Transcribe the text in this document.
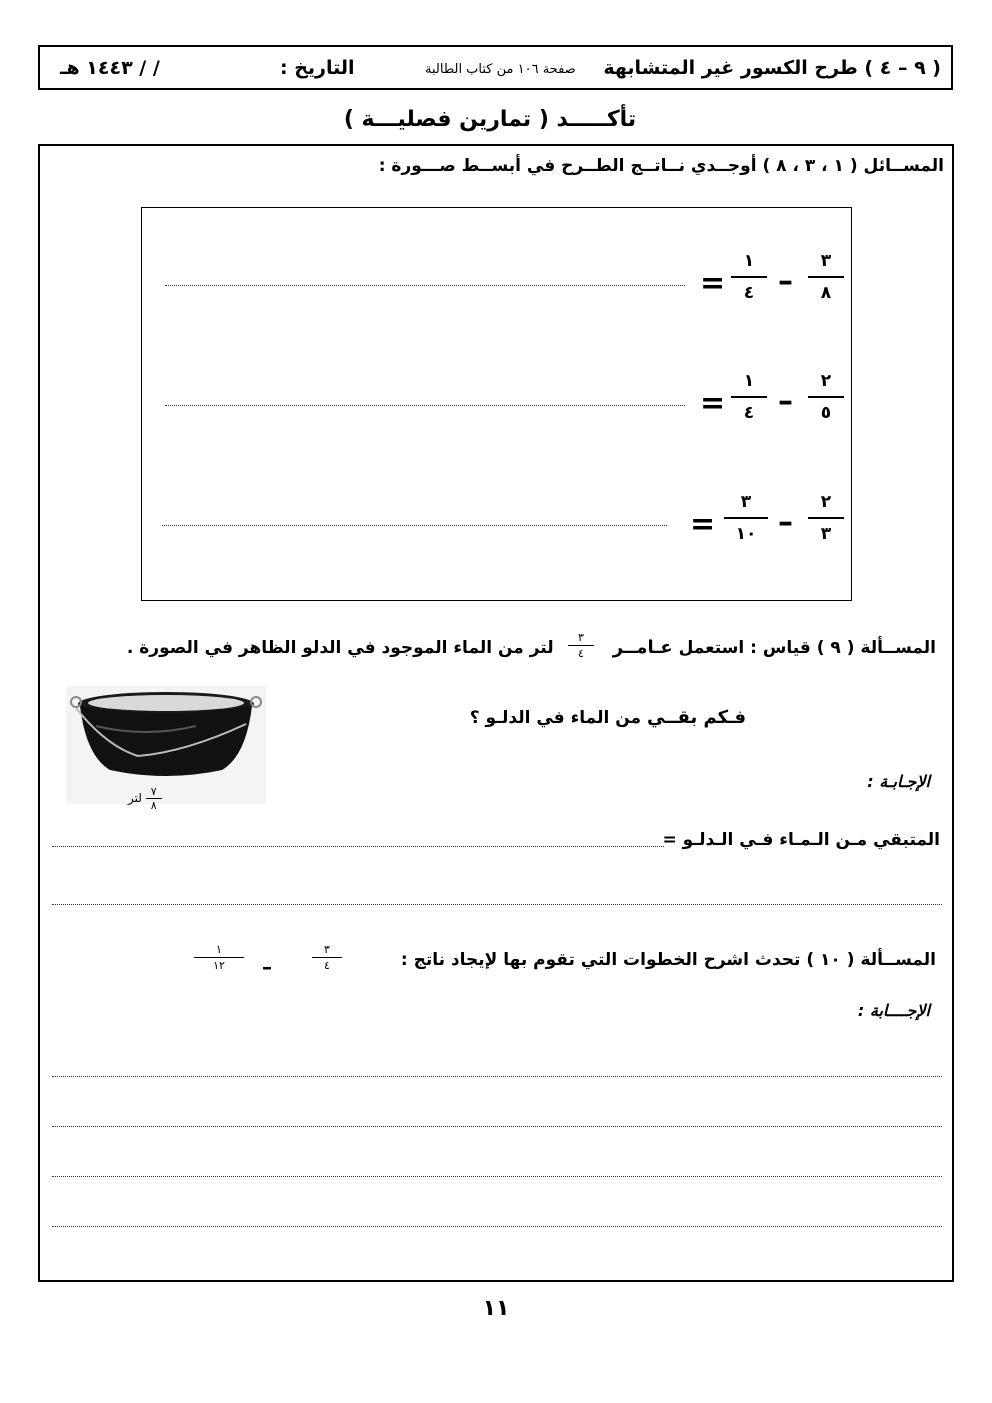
( ٩ – ٤ ) طرح الكسور غير المتشابهة
صفحة ١٠٦ من كتاب الطالبة
التاريخ :
/ / ١٤٤٣ هـ
تأكـــــد ( تمارين فصليـــة )
المســائل ( ١ ، ٣ ، ٨ ) أوجــدي نــاتــج الطــرح في أبســط صـــورة :
٣
٨
–
١
٤
=
٢
٥
–
١
٤
=
٢
٣
–
٣
١٠
=
المســألة ( ٩ ) قياس : استعمل عـامــر          لتر من الماء الموجود في الدلو الظاهر في الصورة .
٣
٤
٧
٨
لتر
فـكم بقــي من الماء في الدلـو ؟
الإجـابـة :
المتبقي مـن الـمـاء فـي الـدلـو =
المســألة ( ١٠ ) تحدث اشرح الخطوات التي تقوم بها لإيجاد ناتج :
٣
٤
–
١
١٢
الإجــــابة :
١١
